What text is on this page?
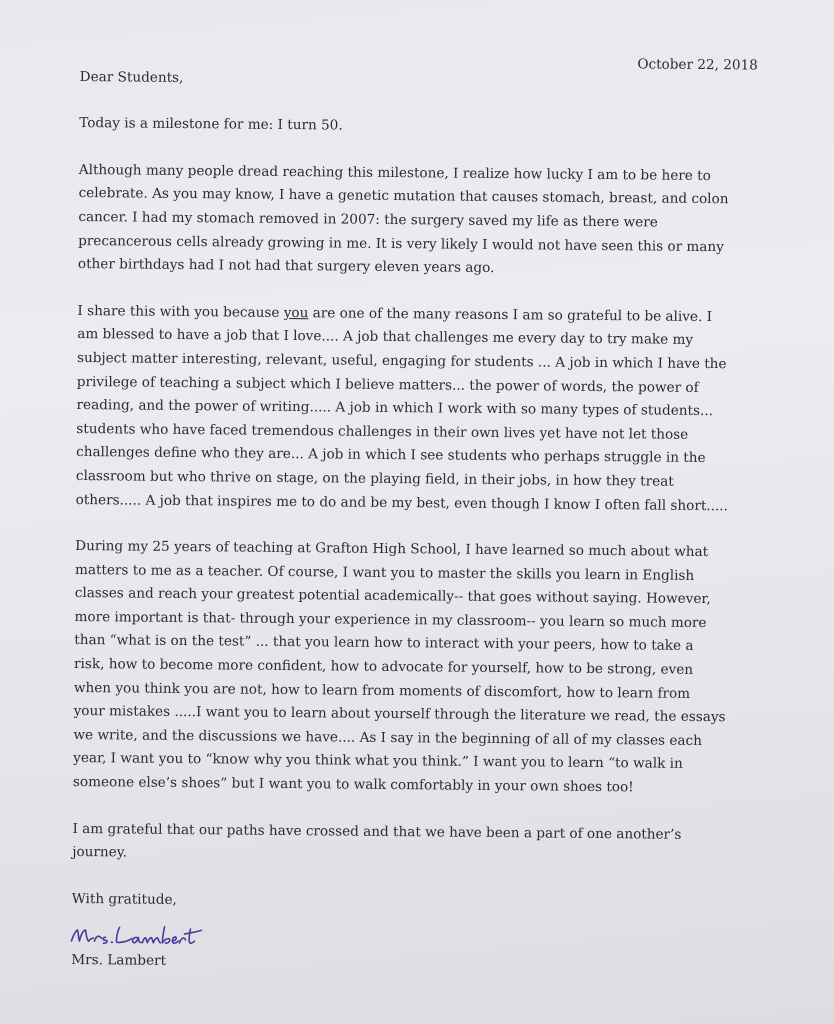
October 22, 2018

Dear Students,

Today is a milestone for me: I turn 50.

Although many people dread reaching this milestone, I realize how lucky I am to be here to

celebrate. As you may know, I have a genetic mutation that causes stomach, breast, and colon

cancer. I had my stomach removed in 2007: the surgery saved my life as there were

precancerous cells already growing in me. It is very likely I would not have seen this or many

other birthdays had I not had that surgery eleven years ago.

I share this with you because you are one of the many reasons I am so grateful to be alive. I

am blessed to have a job that I love.... A job that challenges me every day to try make my

subject matter interesting, relevant, useful, engaging for students ... A job in which I have the

privilege of teaching a subject which I believe matters... the power of words, the power of

reading, and the power of writing..... A job in which I work with so many types of students...

students who have faced tremendous challenges in their own lives yet have not let those

challenges define who they are... A job in which I see students who perhaps struggle in the

classroom but who thrive on stage, on the playing field, in their jobs, in how they treat

others..... A job that inspires me to do and be my best, even though I know I often fall short.....

During my 25 years of teaching at Grafton High School, I have learned so much about what

matters to me as a teacher. Of course, I want you to master the skills you learn in English

classes and reach your greatest potential academically-- that goes without saying. However,

more important is that- through your experience in my classroom-- you learn so much more

than “what is on the test” ... that you learn how to interact with your peers, how to take a

risk, how to become more confident, how to advocate for yourself, how to be strong, even

when you think you are not, how to learn from moments of discomfort, how to learn from

your mistakes .....I want you to learn about yourself through the literature we read, the essays

we write, and the discussions we have.... As I say in the beginning of all of my classes each

year, I want you to “know why you think what you think.” I want you to learn “to walk in

someone else’s shoes” but I want you to walk comfortably in your own shoes too!

I am grateful that our paths have crossed and that we have been a part of one another’s

journey.

With gratitude,

Mrs. Lambert
